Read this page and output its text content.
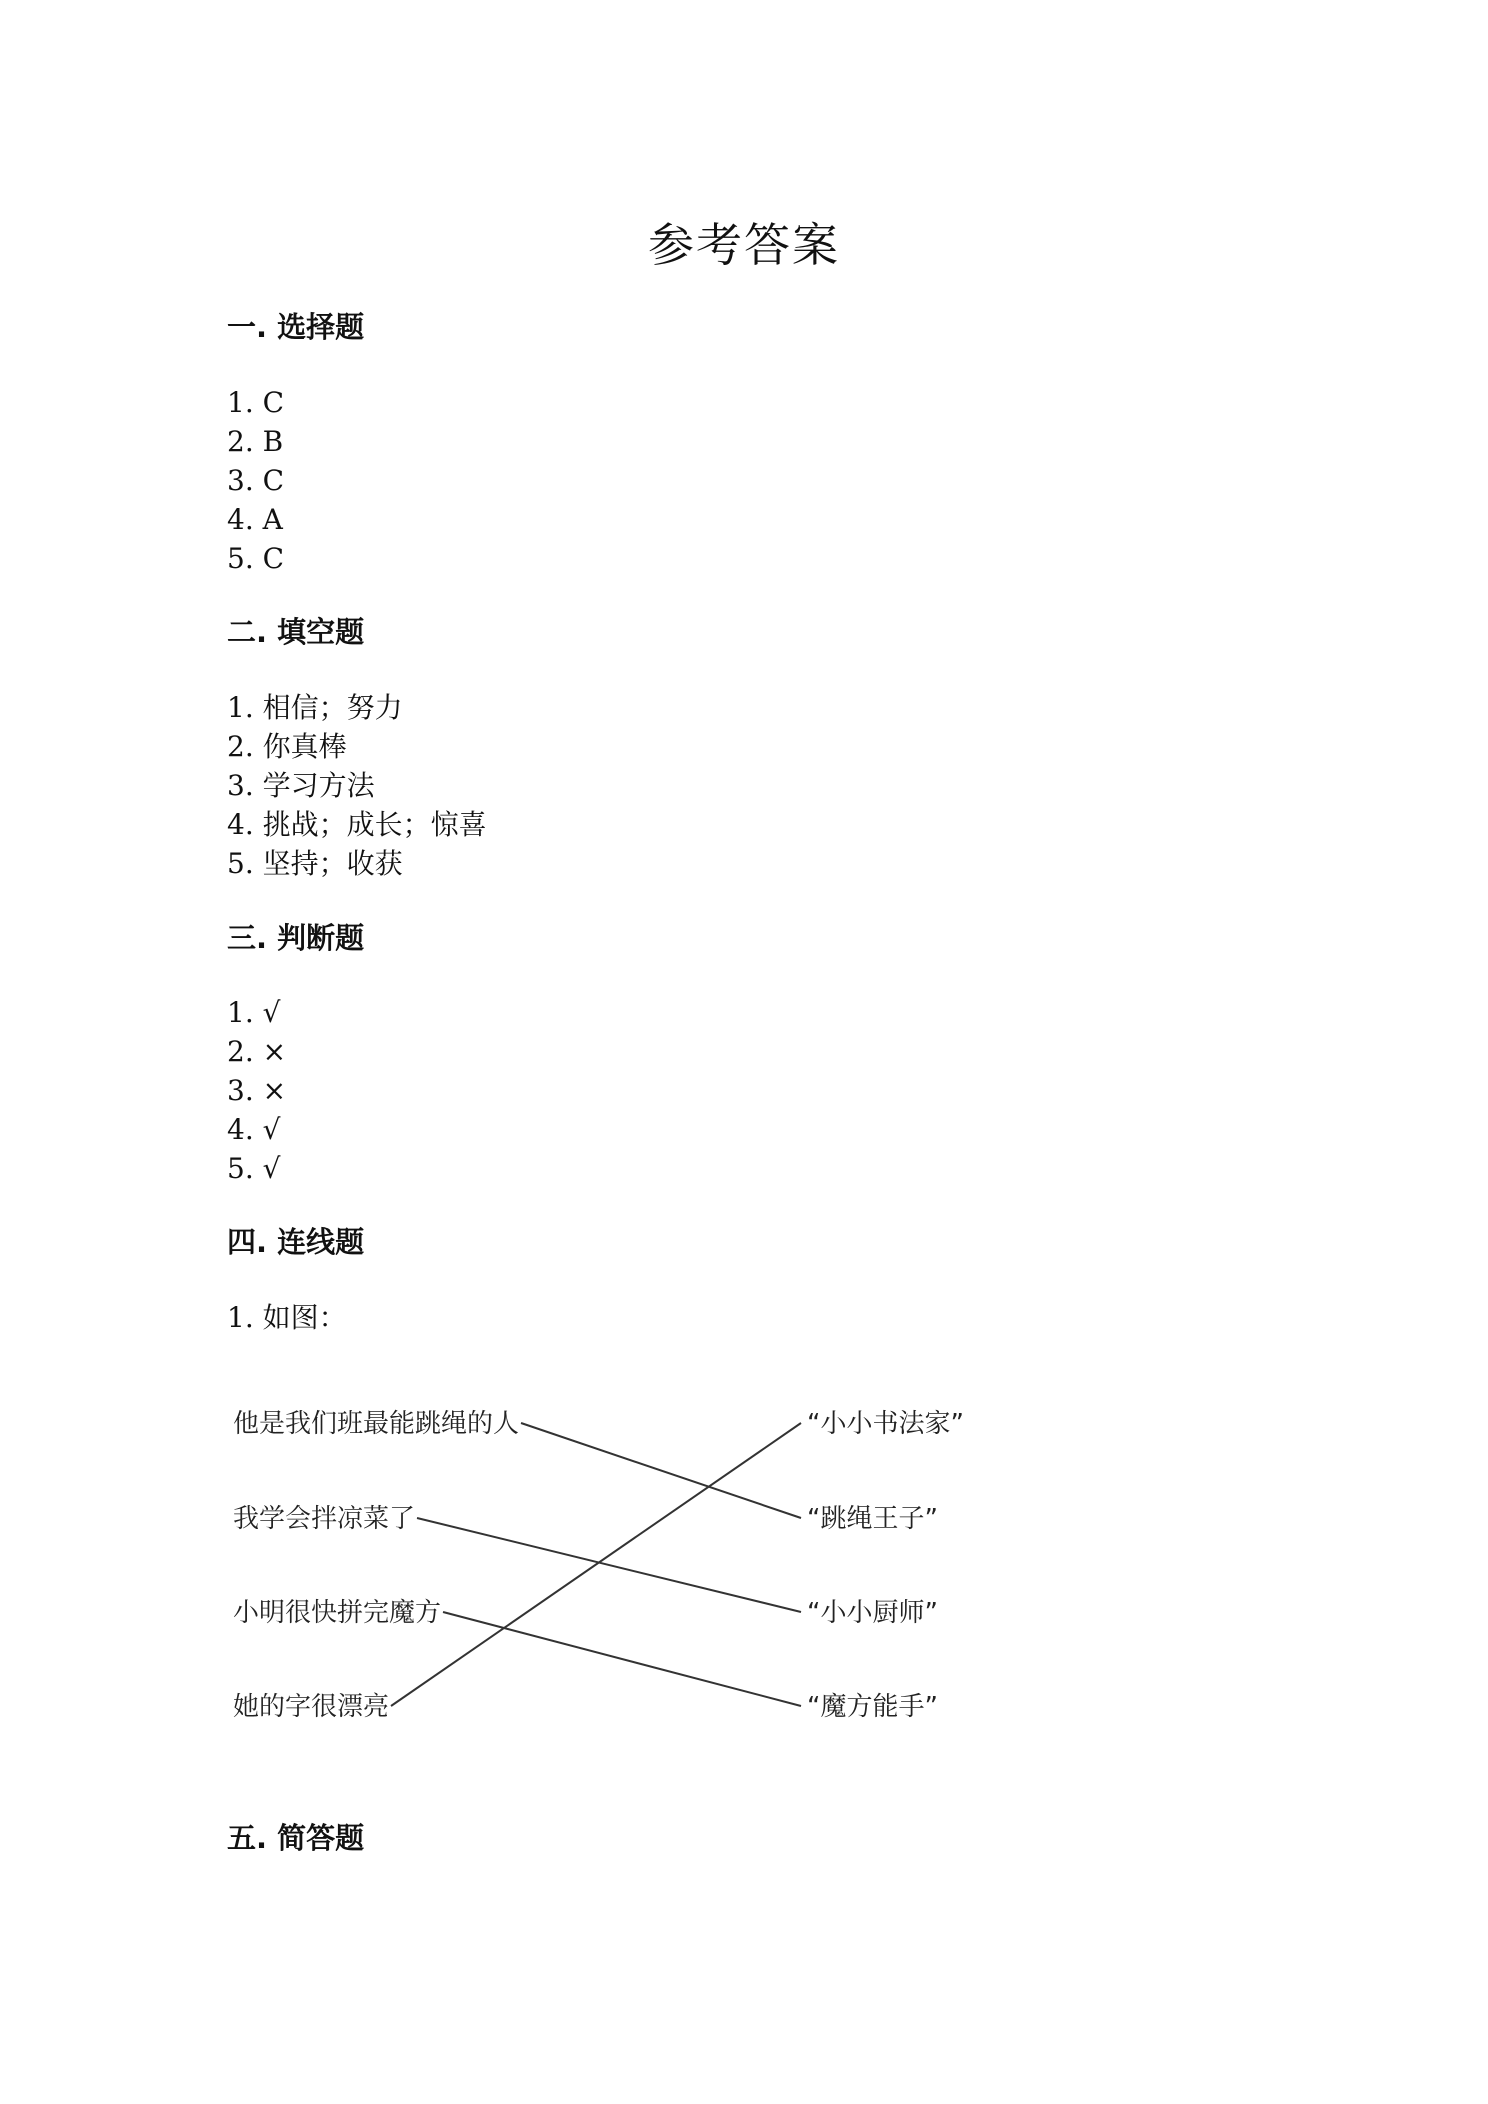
参考答案
一. 选择题
1. C
2. B
3. C
4. A
5. C
二. 填空题
1. 相信；努力
2. 你真棒
3. 学习方法
4. 挑战；成长；惊喜
5. 坚持；收获
三. 判断题
1. √
2. ×
3. ×
4. √
5. √
四. 连线题
1. 如图：
他是我们班最能跳绳的人
我学会拌凉菜了
小明很快拼完魔方
她的字很漂亮
“小小书法家”
“跳绳王子”
“小小厨师”
“魔方能手”
五. 简答题
